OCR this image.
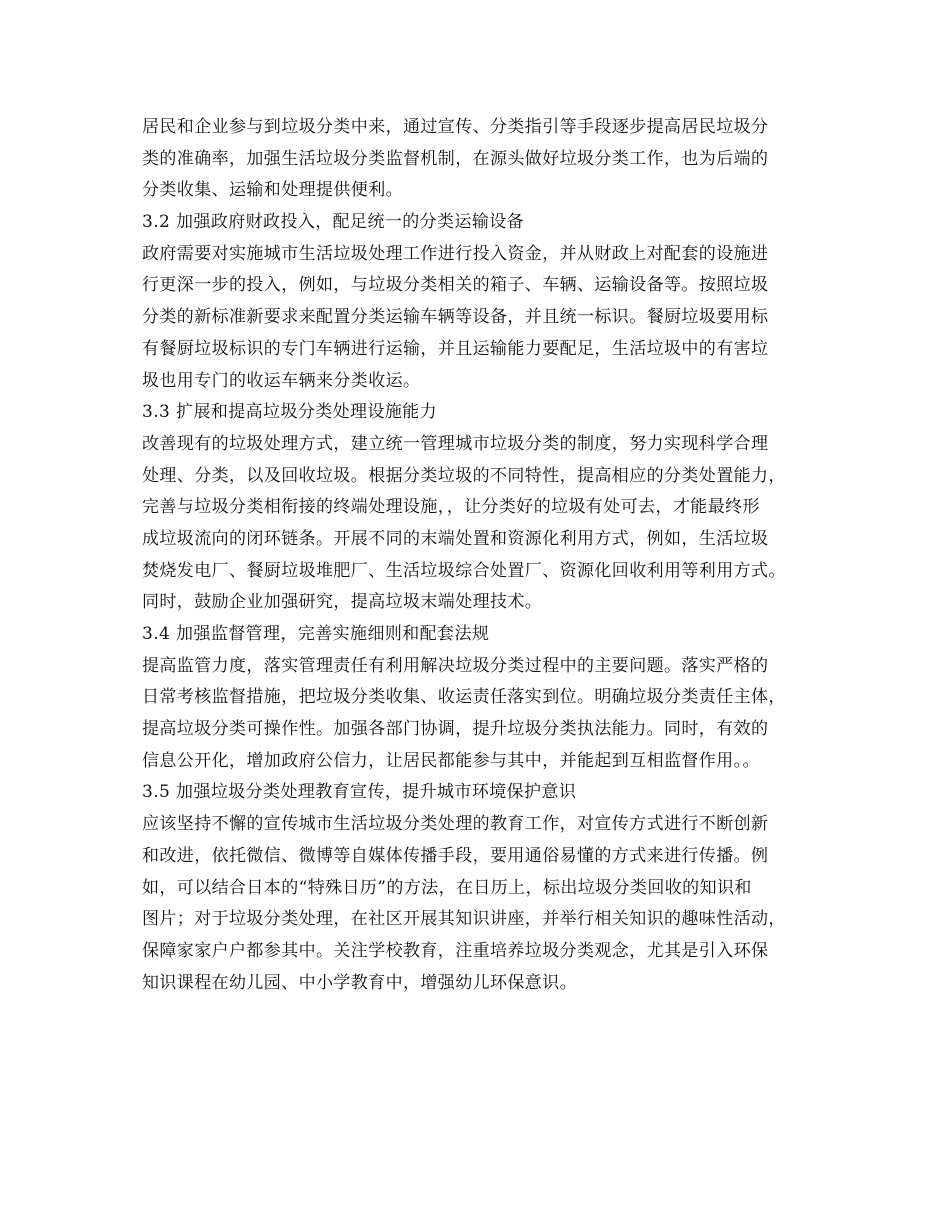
居民和企业参与到垃圾分类中来，通过宣传、分类指引等手段逐步提高居民垃圾分
类的准确率，加强生活垃圾分类监督机制，在源头做好垃圾分类工作，也为后端的
分类收集、运输和处理提供便利。
3.2 加强政府财政投入，配足统一的分类运输设备
政府需要对实施城市生活垃圾处理工作进行投入资金，并从财政上对配套的设施进
行更深一步的投入，例如，与垃圾分类相关的箱子、车辆、运输设备等。按照垃圾
分类的新标准新要求来配置分类运输车辆等设备，并且统一标识。餐厨垃圾要用标
有餐厨垃圾标识的专门车辆进行运输，并且运输能力要配足，生活垃圾中的有害垃
圾也用专门的收运车辆来分类收运。
3.3 扩展和提高垃圾分类处理设施能力
改善现有的垃圾处理方式，建立统一管理城市垃圾分类的制度，努力实现科学合理
处理、分类，以及回收垃圾。根据分类垃圾的不同特性，提高相应的分类处置能力，
完善与垃圾分类相衔接的终端处理设施，，让分类好的垃圾有处可去，才能最终形
成垃圾流向的闭环链条。开展不同的末端处置和资源化利用方式，例如，生活垃圾
焚烧发电厂、餐厨垃圾堆肥厂、生活垃圾综合处置厂、资源化回收利用等利用方式。
同时，鼓励企业加强研究，提高垃圾末端处理技术。
3.4 加强监督管理，完善实施细则和配套法规
提高监管力度，落实管理责任有利用解决垃圾分类过程中的主要问题。落实严格的
日常考核监督措施，把垃圾分类收集、收运责任落实到位。明确垃圾分类责任主体，
提高垃圾分类可操作性。加强各部门协调，提升垃圾分类执法能力。同时，有效的
信息公开化，增加政府公信力，让居民都能参与其中，并能起到互相监督作用。。
3.5 加强垃圾分类处理教育宣传，提升城市环境保护意识
应该坚持不懈的宣传城市生活垃圾分类处理的教育工作，对宣传方式进行不断创新
和改进，依托微信、微博等自媒体传播手段，要用通俗易懂的方式来进行传播。例
如，可以结合日本的“特殊日历”的方法，在日历上，标出垃圾分类回收的知识和
图片；对于垃圾分类处理，在社区开展其知识讲座，并举行相关知识的趣味性活动，
保障家家户户都参其中。关注学校教育，注重培养垃圾分类观念，尤其是引入环保
知识课程在幼儿园、中小学教育中，增强幼儿环保意识。
